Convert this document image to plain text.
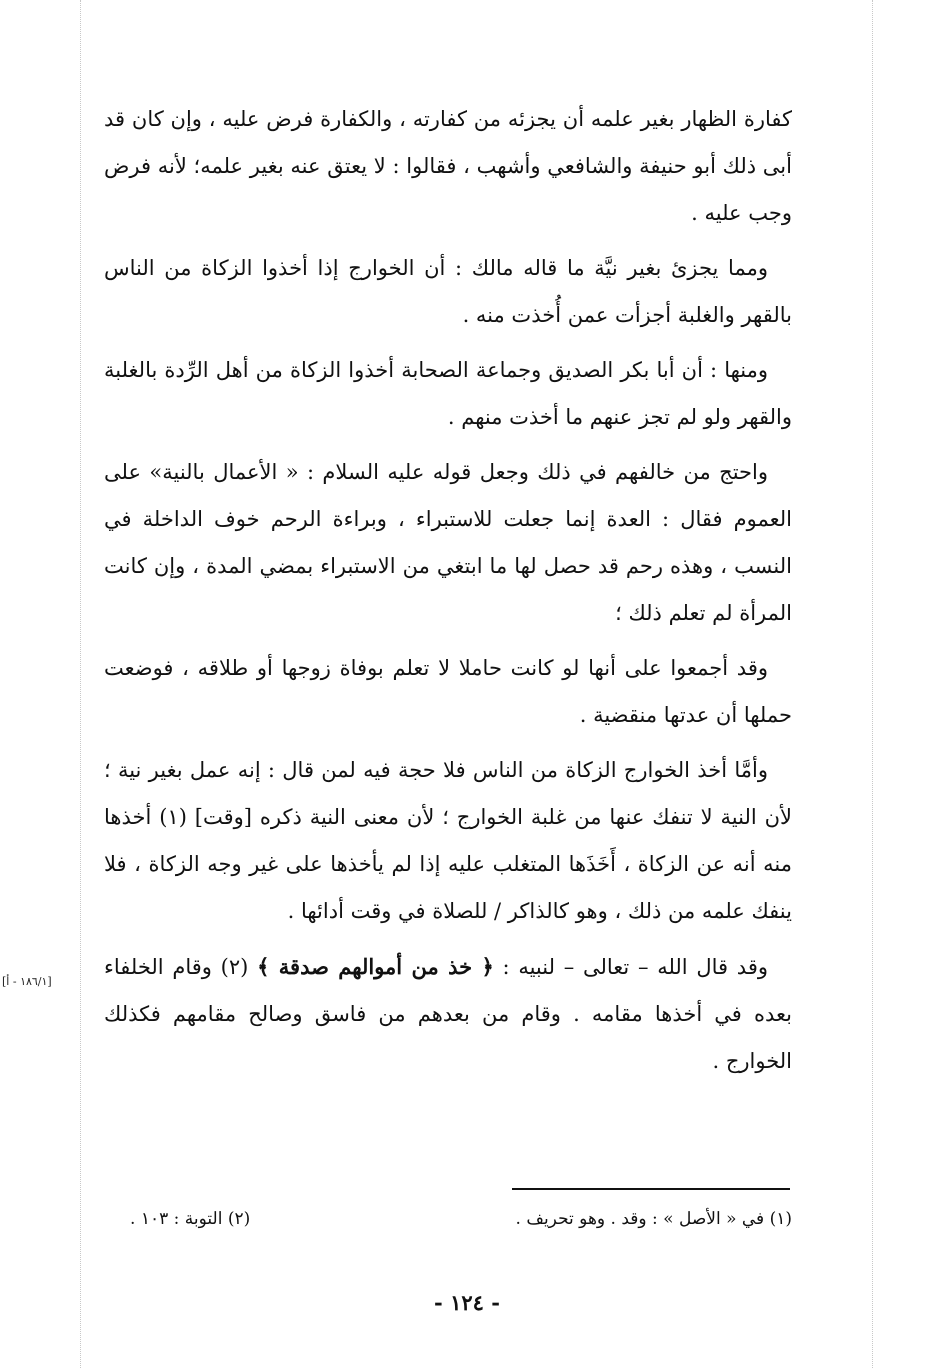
كفارة الظهار بغير علمه أن يجزئه من كفارته ، والكفارة فرض عليه ، وإن كان قد أبى ذلك أبو حنيفة والشافعي وأشهب ، فقالوا : لا يعتق عنه بغير علمه؛ لأنه فرض وجب عليه .

ومما يجزئ بغير نيَّة ما قاله مالك : أن الخوارج إذا أخذوا الزكاة من الناس بالقهر والغلبة أجزأت عمن أُخذت منه .

ومنها : أن أبا بكر الصديق وجماعة الصحابة أخذوا الزكاة من أهل الرِّدة بالغلبة والقهر ولو لم تجز عنهم ما أخذت منهم .

واحتج من خالفهم في ذلك وجعل قوله عليه السلام : « الأعمال بالنية» على العموم فقال : العدة إنما جعلت للاستبراء ، وبراءة الرحم خوف الداخلة في النسب ، وهذه رحم قد حصل لها ما ابتغي من الاستبراء بمضي المدة ، وإن كانت المرأة لم تعلم ذلك ؛

وقد أجمعوا على أنها لو كانت حاملا لا تعلم بوفاة زوجها أو طلاقه ، فوضعت حملها أن عدتها منقضية .

وأمَّا أخذ الخوارج الزكاة من الناس فلا حجة فيه لمن قال : إنه عمل بغير نية ؛ لأن النية لا تنفك عنها من غلبة الخوارج ؛ لأن معنى النية ذكره [وقت] (١) أخذها منه أنه عن الزكاة ، أَخَذَها المتغلب عليه إذا لم يأخذها على غير وجه الزكاة ، فلا ينفك علمه من ذلك ، وهو كالذاكر / للصلاة في وقت أدائها .

وقد قال الله – تعالى – لنبيه : ﴿ خذ من أموالهم صدقة ﴾ (٢) وقام الخلفاء بعده في أخذها مقامه . وقام من بعدهم من فاسق وصالح مقامهم فكذلك الخوارج .

[١٨٦/١ - أ]
(١) في « الأصل » : وقد . وهو تحريف .
(٢) التوبة : ١٠٣ .
- ١٢٤ -
